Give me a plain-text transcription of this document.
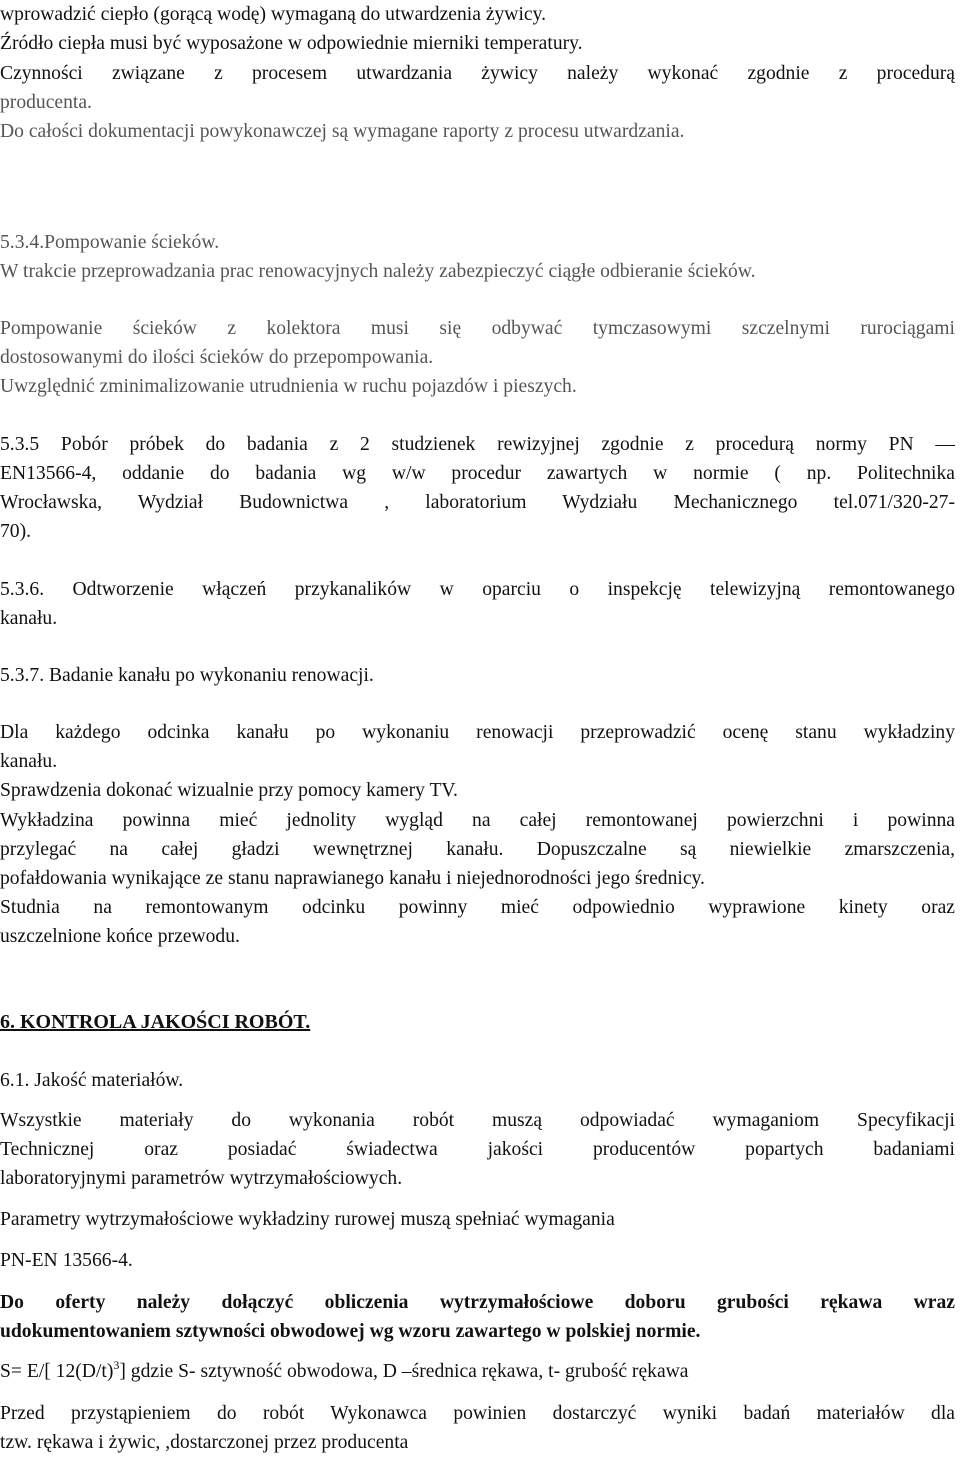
wprowadzić ciepło (gorącą wodę) wymaganą do utwardzenia żywicy.
Źródło ciepła musi być wyposażone w odpowiednie mierniki temperatury.
Czynności związane z procesem utwardzania żywicy należy wykonać zgodnie z procedurą
producenta.
Do całości dokumentacji powykonawczej są wymagane raporty z procesu utwardzania.
5.3.4.Pompowanie ścieków.
W trakcie przeprowadzania prac renowacyjnych należy zabezpieczyć ciągłe odbieranie ścieków.
Pompowanie ścieków z kolektora musi się odbywać tymczasowymi szczelnymi rurociągami
dostosowanymi do ilości ścieków do przepompowania.
Uwzględnić zminimalizowanie utrudnienia w ruchu pojazdów i pieszych.
5.3.5 Pobór próbek do badania z 2 studzienek rewizyjnej zgodnie z procedurą normy PN —
EN13566-4, oddanie do badania wg w/w procedur zawartych w normie ( np. Politechnika
Wrocławska, Wydział Budownictwa , laboratorium Wydziału Mechanicznego tel.071/320-27-
70).
5.3.6. Odtworzenie włączeń przykanalików w oparciu o inspekcję telewizyjną remontowanego
kanału.
5.3.7. Badanie kanału po wykonaniu renowacji.
Dla każdego odcinka kanału po wykonaniu renowacji przeprowadzić ocenę stanu wykładziny
kanału.
Sprawdzenia dokonać wizualnie przy pomocy kamery TV.
Wykładzina powinna mieć jednolity wygląd na całej remontowanej powierzchni i powinna
przylegać na całej gładzi wewnętrznej kanału. Dopuszczalne są niewielkie zmarszczenia,
pofałdowania wynikające ze stanu naprawianego kanału i niejednorodności jego średnicy.
Studnia na remontowanym odcinku powinny mieć odpowiednio wyprawione kinety oraz
uszczelnione końce przewodu.
6. KONTROLA JAKOŚCI ROBÓT.
6.1. Jakość materiałów.
Wszystkie materiały do wykonania robót muszą odpowiadać wymaganiom Specyfikacji
Technicznej oraz posiadać świadectwa jakości producentów popartych badaniami
laboratoryjnymi parametrów wytrzymałościowych.
Parametry wytrzymałościowe wykładziny rurowej muszą spełniać wymagania
PN-EN 13566-4.
Do oferty należy dołączyć obliczenia wytrzymałościowe doboru grubości rękawa wraz
udokumentowaniem sztywności obwodowej wg wzoru zawartego w polskiej normie.
S= E/[ $12(D/t)^3$] gdzie S- sztywność obwodowa, D –średnica rękawa, t- grubość rękawa
Przed przystąpieniem do robót Wykonawca powinien dostarczyć wyniki badań materiałów dla
tzw. rękawa i żywic, ,dostarczonej przez producenta
